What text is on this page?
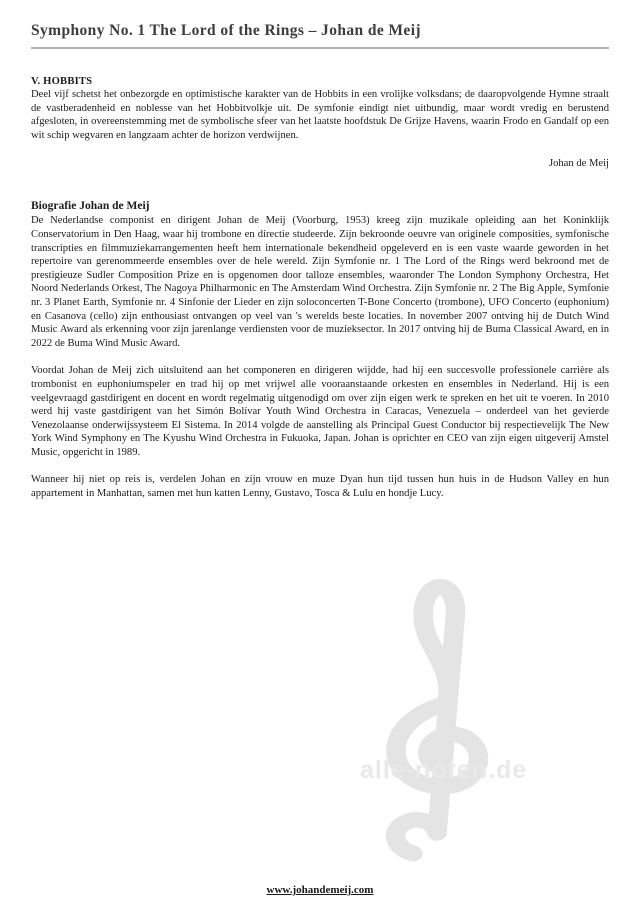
alle-noten.de
Symphony No. 1 The Lord of the Rings – Johan de Meij
V. HOBBITS

Deel vijf schetst het onbezorgde en optimistische karakter van de Hobbits in een vrolijke volksdans; de daaropvolgende Hymne straalt de vastberadenheid en noblesse van het Hobbitvolkje uit. De symfonie eindigt niet uitbundig, maar wordt vredig en berustend afgesloten, in overeenstemming met de symbolische sfeer van het laatste hoofdstuk De Grijze Havens, waarin Frodo en Gandalf op een wit schip wegvaren en langzaam achter de horizon verdwijnen.

Johan de Meij

Biografie Johan de Meij

De Nederlandse componist en dirigent Johan de Meij (Voorburg, 1953) kreeg zijn muzikale opleiding aan het Koninklijk Conservatorium in Den Haag, waar hij trombone en directie studeerde. Zijn bekroonde oeuvre van originele composities, symfonische transcripties en filmmuziekarrangementen heeft hem internationale bekendheid opgeleverd en is een vaste waarde geworden in het repertoire van gerenommeerde ensembles over de hele wereld. Zijn Symfonie nr. 1 The Lord of the Rings werd bekroond met de prestigieuze Sudler Composition Prize en is opgenomen door talloze ensembles, waaronder The London Symphony Orchestra, Het Noord Nederlands Orkest, The Nagoya Philharmonic en The Amsterdam Wind Orchestra. Zijn Symfonie nr. 2 The Big Apple, Symfonie nr. 3 Planet Earth, Symfonie nr. 4 Sinfonie der Lieder en zijn soloconcerten T-Bone Concerto (trombone), UFO Concerto (euphonium) en Casanova (cello) zijn enthousiast ontvangen op veel van 's werelds beste locaties. In november 2007 ontving hij de Dutch Wind Music Award als erkenning voor zijn jarenlange verdiensten voor de muzieksector. In 2017 ontving hij de Buma Classical Award, en in 2022 de Buma Wind Music Award.

Voordat Johan de Meij zich uitsluitend aan het componeren en dirigeren wijdde, had hij een succesvolle professionele carrière als trombonist en euphoniumspeler en trad hij op met vrijwel alle vooraanstaande orkesten en ensembles in Nederland. Hij is een veelgevraagd gastdirigent en docent en wordt regelmatig uitgenodigd om over zijn eigen werk te spreken en het uit te voeren. In 2010 werd hij vaste gastdirigent van het Simón Bolívar Youth Wind Orchestra in Caracas, Venezuela – onderdeel van het gevierde Venezolaanse onderwijssysteem El Sistema. In 2014 volgde de aanstelling als Principal Guest Conductor bij respectievelijk The New York Wind Symphony en The Kyushu Wind Orchestra in Fukuoka, Japan. Johan is oprichter en CEO van zijn eigen uitgeverij Amstel Music, opgericht in 1989.

Wanneer hij niet op reis is, verdelen Johan en zijn vrouw en muze Dyan hun tijd tussen hun huis in de Hudson Valley en hun appartement in Manhattan, samen met hun katten Lenny, Gustavo, Tosca & Lulu en hondje Lucy.

www.johandemeij.com
